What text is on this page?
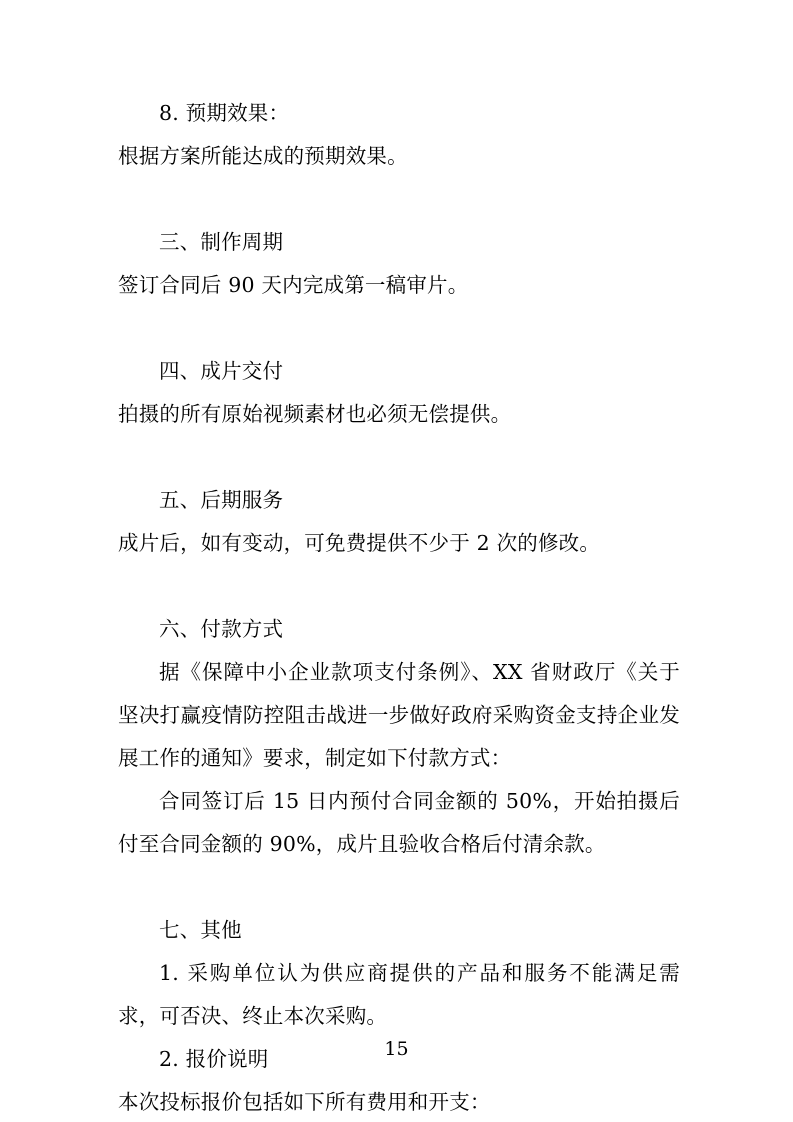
8. 预期效果：

根据方案所能达成的预期效果。

三、制作周期

签订合同后 90 天内完成第一稿审片。

四、成片交付

拍摄的所有原始视频素材也必须无偿提供。

五、后期服务

成片后，如有变动，可免费提供不少于 2 次的修改。

六、付款方式

据《保障中小企业款项支付条例》、XX 省财政厅《关于坚决打赢疫情防控阻击战进一步做好政府采购资金支持企业发展工作的通知》要求，制定如下付款方式：

合同签订后 15 日内预付合同金额的 50%，开始拍摄后付至合同金额的 90%，成片且验收合格后付清余款。

七、其他

1. 采购单位认为供应商提供的产品和服务不能满足需求，可否决、终止本次采购。

2. 报价说明

本次投标报价包括如下所有费用和开支：

15
